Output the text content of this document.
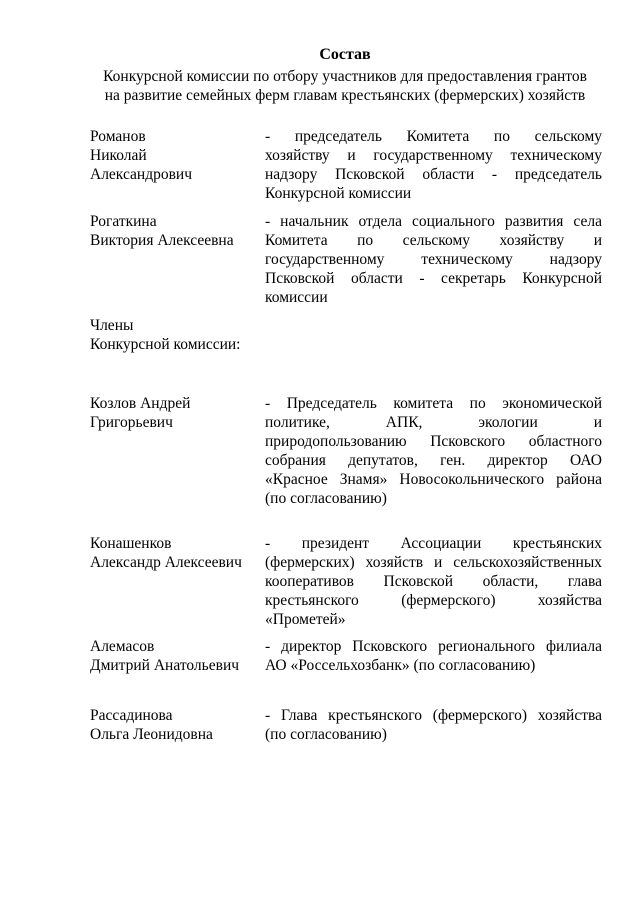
Состав
Конкурсной комиссии по отбору участников для предоставления грантов
на развитие семейных ферм главам крестьянских (фермерских) хозяйств
Романов
Николай
Александрович
- председатель Комитета по сельскому
хозяйству и государственному техническому
надзору Псковской области - председатель
Конкурсной комиссии
Рогаткина
Виктория Алексеевна
- начальник отдела социального развития села
Комитета по сельскому хозяйству и
государственному техническому надзору
Псковской области - секретарь Конкурсной
комиссии
Члены
Конкурсной комиссии:
Козлов Андрей
Григорьевич
- Председатель комитета по экономической
политике, АПК, экологии и
природопользованию Псковского областного
собрания депутатов, ген. директор ОАО
«Красное Знамя» Новосокольнического района
(по согласованию)
Конашенков
Александр Алексеевич
- президент Ассоциации крестьянских
(фермерских) хозяйств и сельскохозяйственных
кооперативов Псковской области, глава
крестьянского (фермерского) хозяйства
«Прометей»
Алемасов
Дмитрий Анатольевич
- директор Псковского регионального филиала
АО «Россельхозбанк» (по согласованию)
Рассадинова
Ольга Леонидовна
- Глава крестьянского (фермерского) хозяйства
(по согласованию)
